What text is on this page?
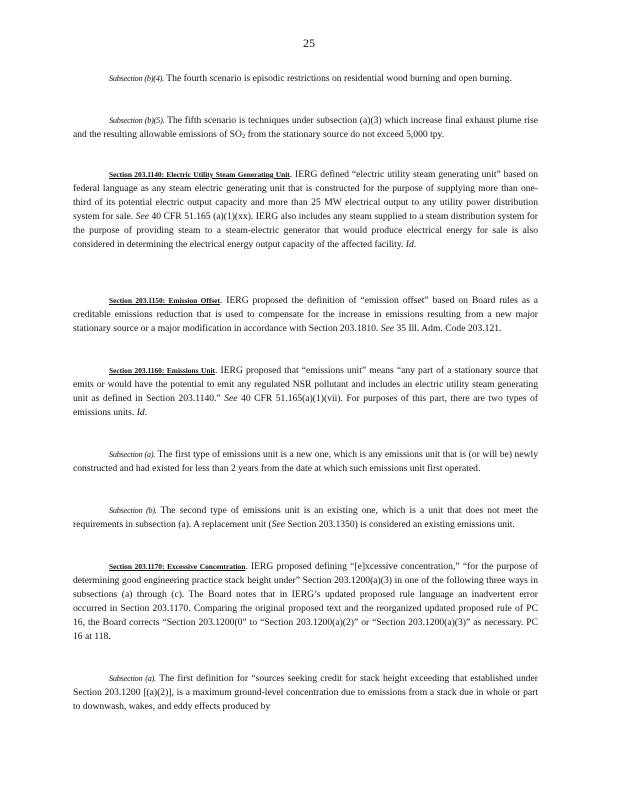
25
Subsection (b)(4). The fourth scenario is episodic restrictions on residential wood burning and open burning.
Subsection (b)(5). The fifth scenario is techniques under subsection (a)(3) which increase final exhaust plume rise and the resulting allowable emissions of SO2 from the stationary source do not exceed 5,000 tpy.
Section 203.1140: Electric Utility Steam Generating Unit. IERG defined “electric utility steam generating unit” based on federal language as any steam electric generating unit that is constructed for the purpose of supplying more than one-third of its potential electric output capacity and more than 25 MW electrical output to any utility power distribution system for sale. See 40 CFR 51.165 (a)(1)(xx). IERG also includes any steam supplied to a steam distribution system for the purpose of providing steam to a steam-electric generator that would produce electrical energy for sale is also considered in determining the electrical energy output capacity of the affected facility. Id.
Section 203.1150: Emission Offset. IERG proposed the definition of “emission offset” based on Board rules as a creditable emissions reduction that is used to compensate for the increase in emissions resulting from a new major stationary source or a major modification in accordance with Section 203.1810. See 35 Ill. Adm. Code 203.121.
Section 203.1160: Emissions Unit. IERG proposed that “emissions unit” means “any part of a stationary source that emits or would have the potential to emit any regulated NSR pollutant and includes an electric utility steam generating unit as defined in Section 203.1140.” See 40 CFR 51.165(a)(1)(vii). For purposes of this part, there are two types of emissions units. Id.
Subsection (a). The first type of emissions unit is a new one, which is any emissions unit that is (or will be) newly constructed and had existed for less than 2 years from the date at which such emissions unit first operated.
Subsection (b). The second type of emissions unit is an existing one, which is a unit that does not meet the requirements in subsection (a). A replacement unit (See Section 203.1350) is considered an existing emissions unit.
Section 203.1170: Excessive Concentration. IERG proposed defining “[e]xcessive concentration,” “for the purpose of determining good engineering practice stack height under” Section 203.1200(a)(3) in one of the following three ways in subsections (a) through (c). The Board notes that in IERG’s updated proposed rule language an inadvertent error occurred in Section 203.1170. Comparing the original proposed text and the reorganized updated proposed rule of PC 16, the Board corrects “Section 203.1200(0” to “Section 203.1200(a)(2)” or “Section 203.1200(a)(3)” as necessary. PC 16 at 118.
Subsection (a). The first definition for “sources seeking credit for stack height exceeding that established under Section 203.1200 [(a)(2)], is a maximum ground-level concentration due to emissions from a stack due in whole or part to downwash, wakes, and eddy effects produced by
